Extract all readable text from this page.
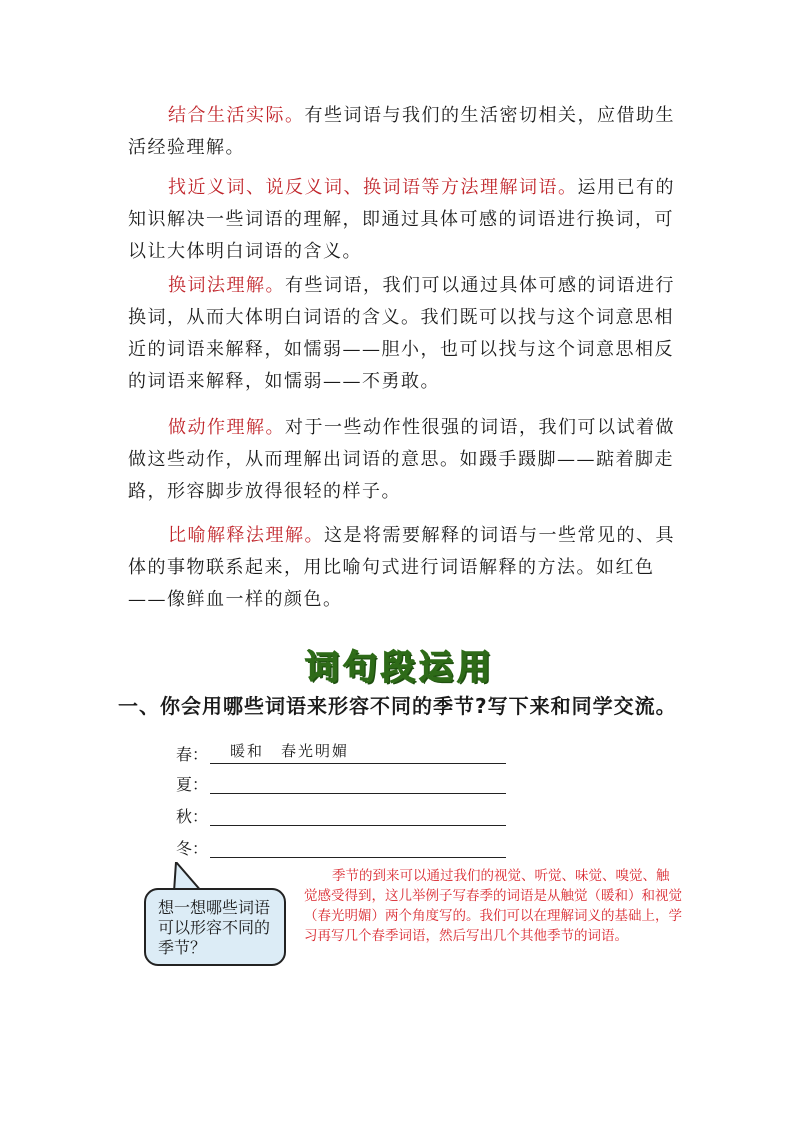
结合生活实际。有些词语与我们的生活密切相关，应借助生活经验理解。

找近义词、说反义词、换词语等方法理解词语。运用已有的知识解决一些词语的理解，即通过具体可感的词语进行换词，可以让大体明白词语的含义。

换词法理解。有些词语，我们可以通过具体可感的词语进行换词，从而大体明白词语的含义。我们既可以找与这个词意思相近的词语来解释，如懦弱——胆小，也可以找与这个词意思相反的词语来解释，如懦弱——不勇敢。

做动作理解。对于一些动作性很强的词语，我们可以试着做做这些动作，从而理解出词语的意思。如蹑手蹑脚——踮着脚走路，形容脚步放得很轻的样子。

比喻解释法理解。这是将需要解释的词语与一些常见的、具体的事物联系起来，用比喻句式进行词语解释的方法。如红色——像鲜血一样的颜色。

词句段运用

一、你会用哪些词语来形容不同的季节?写下来和同学交流。

春：	暖和　春光明媚
夏：
秋：
冬：
想一想哪些词语可以形容不同的季节？

季节的到来可以通过我们的视觉、听觉、味觉、嗅觉、触觉感受得到，这儿举例子写春季的词语是从触觉（暖和）和视觉（春光明媚）两个角度写的。我们可以在理解词义的基础上，学习再写几个春季词语，然后写出几个其他季节的词语。
